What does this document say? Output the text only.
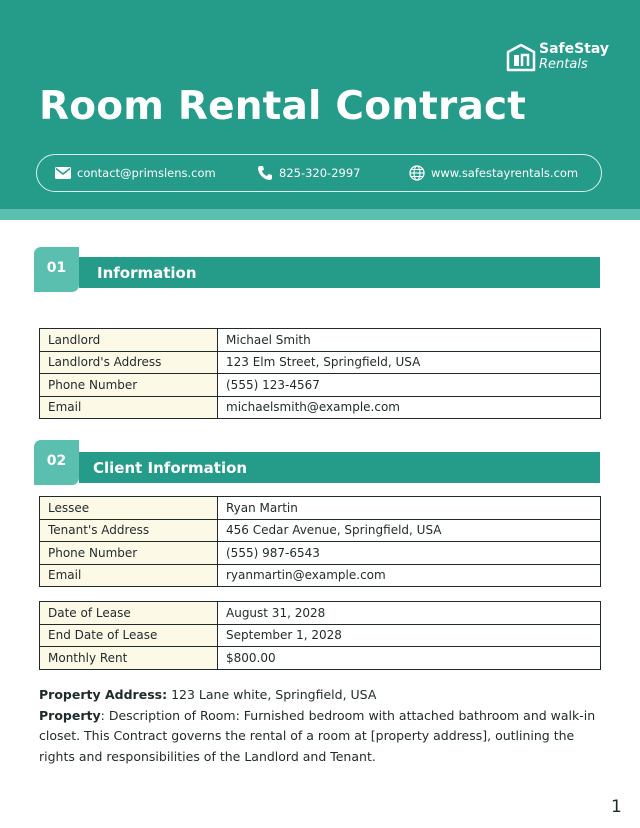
SafeStay
Rentals
Room Rental Contract
contact@primslens.com	825-320-2997	www.safestayrentals.com
Information
01
Landlord	Michael Smith
Landlord's Address	123 Elm Street, Springfield, USA
Phone Number	(555) 123-4567
Email	michaelsmith@example.com
Client Information
02
Lessee	Ryan Martin
Tenant's Address	456 Cedar Avenue, Springfield, USA
Phone Number	(555) 987-6543
Email	ryanmartin@example.com
Date of Lease	August 31, 2028
End Date of Lease	September 1, 2028
Monthly Rent	$800.00

Property Address: 123 Lane white, Springfield, USA

Property: Description of Room: Furnished bedroom with attached bathroom and walk-in closet. This Contract governs the rental of a room at [property address], outlining the rights and responsibilities of the Landlord and Tenant.

1
